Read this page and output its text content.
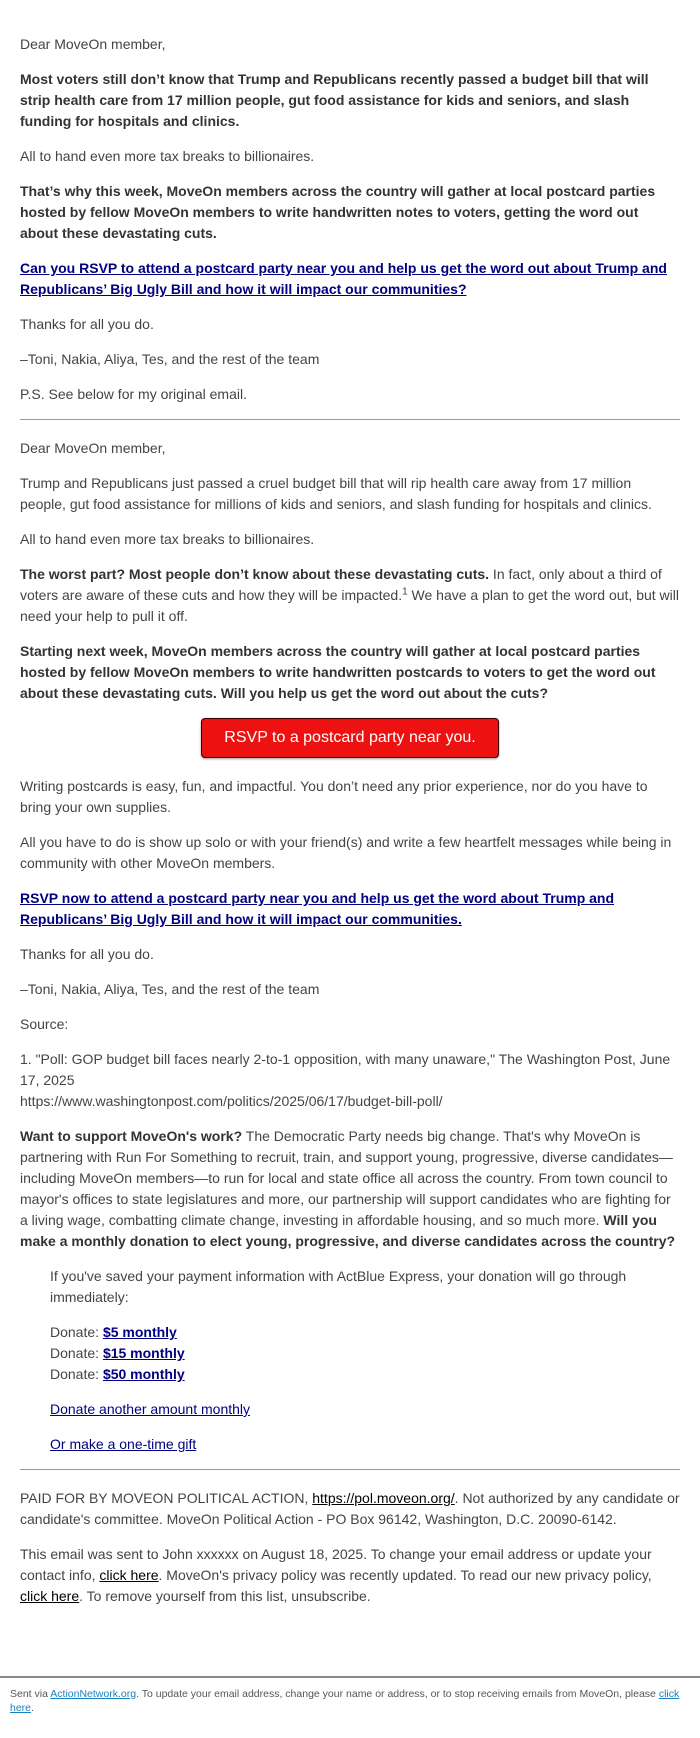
Dear MoveOn member,

Most voters still don’t know that Trump and Republicans recently passed a budget bill that will strip health care from 17 million people, gut food assistance for kids and seniors, and slash funding for hospitals and clinics.

All to hand even more tax breaks to billionaires.

That’s why this week, MoveOn members across the country will gather at local postcard parties hosted by fellow MoveOn members to write handwritten notes to voters, getting the word out about these devastating cuts.

Can you RSVP to attend a postcard party near you and help us get the word out about Trump and Republicans’ Big Ugly Bill and how it will impact our communities?

Thanks for all you do.

–Toni, Nakia, Aliya, Tes, and the rest of the team

P.S. See below for my original email.

Dear MoveOn member,

Trump and Republicans just passed a cruel budget bill that will rip health care away from 17 million people, gut food assistance for millions of kids and seniors, and slash funding for hospitals and clinics.

All to hand even more tax breaks to billionaires.

The worst part? Most people don’t know about these devastating cuts. In fact, only about a third of voters are aware of these cuts and how they will be impacted.$^1$ We have a plan to get the word out, but will need your help to pull it off.

Starting next week, MoveOn members across the country will gather at local postcard parties hosted by fellow MoveOn members to write handwritten postcards to voters to get the word out about these devastating cuts. Will you help us get the word out about the cuts?

RSVP to a postcard party near you.

Writing postcards is easy, fun, and impactful. You don’t need any prior experience, nor do you have to bring your own supplies.

All you have to do is show up solo or with your friend(s) and write a few heartfelt messages while being in community with other MoveOn members.

RSVP now to attend a postcard party near you and help us get the word about Trump and Republicans’ Big Ugly Bill and how it will impact our communities.

Thanks for all you do.

–Toni, Nakia, Aliya, Tes, and the rest of the team

Source:

1. "Poll: GOP budget bill faces nearly 2-to-1 opposition, with many unaware," The Washington Post, June 17, 2025
https://www.washingtonpost.com/politics/2025/06/17/budget-bill-poll/

Want to support MoveOn's work? The Democratic Party needs big change. That's why MoveOn is partnering with Run For Something to recruit, train, and support young, progressive, diverse candidates—including MoveOn members—to run for local and state office all across the country. From town council to mayor's offices to state legislatures and more, our partnership will support candidates who are fighting for a living wage, combatting climate change, investing in affordable housing, and so much more. Will you make a monthly donation to elect young, progressive, and diverse candidates across the country?

If you've saved your payment information with ActBlue Express, your donation will go through immediately:

Donate: $5 monthly
Donate: $15 monthly
Donate: $50 monthly

Donate another amount monthly

Or make a one-time gift

PAID FOR BY MOVEON POLITICAL ACTION, https://pol.moveon.org/. Not authorized by any candidate or candidate's committee. MoveOn Political Action - PO Box 96142, Washington, D.C. 20090-6142.

This email was sent to John xxxxxx on August 18, 2025. To change your email address or update your contact info, click here. MoveOn's privacy policy was recently updated. To read our new privacy policy, click here. To remove yourself from this list, unsubscribe.

Sent via ActionNetwork.org. To update your email address, change your name or address, or to stop receiving emails from MoveOn, please click here.
